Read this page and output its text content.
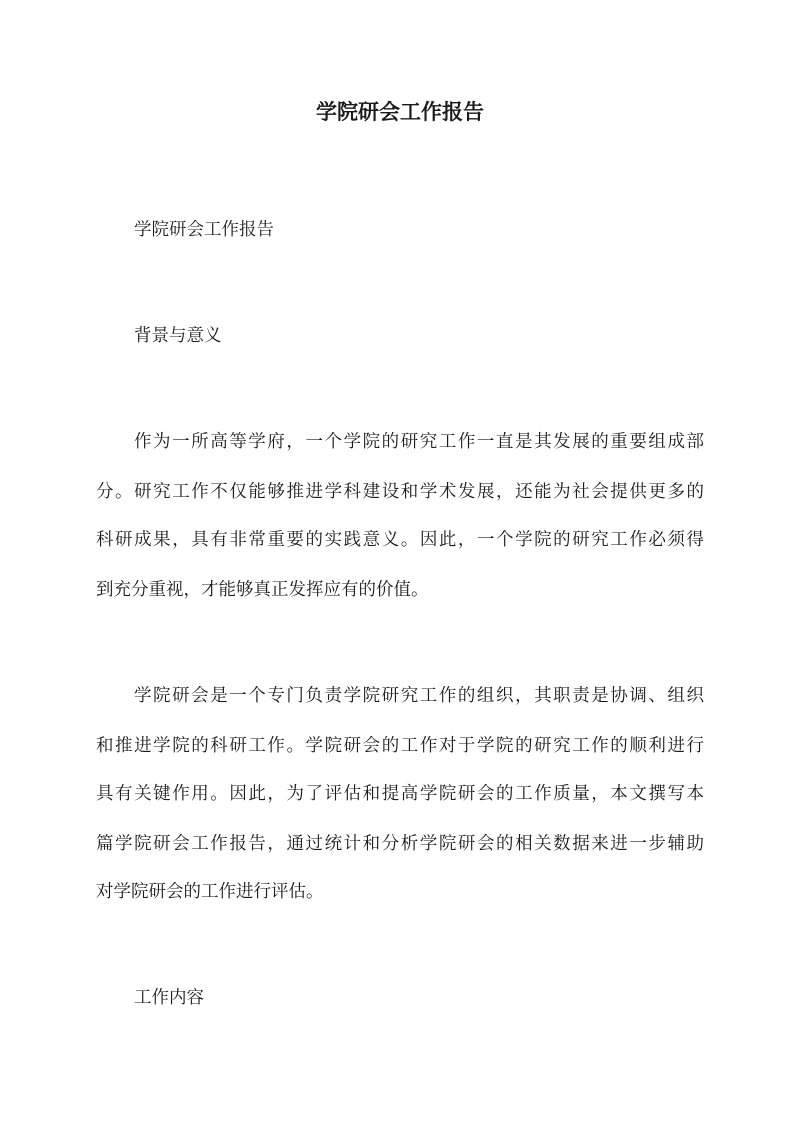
学院研会工作报告

学院研会工作报告

背景与意义

作为一所高等学府，一个学院的研究工作一直是其发展的重要组成部

分。研究工作不仅能够推进学科建设和学术发展，还能为社会提供更多的

科研成果，具有非常重要的实践意义。因此，一个学院的研究工作必须得

到充分重视，才能够真正发挥应有的价值。

学院研会是一个专门负责学院研究工作的组织，其职责是协调、组织

和推进学院的科研工作。学院研会的工作对于学院的研究工作的顺利进行

具有关键作用。因此，为了评估和提高学院研会的工作质量，本文撰写本

篇学院研会工作报告，通过统计和分析学院研会的相关数据来进一步辅助

对学院研会的工作进行评估。

工作内容
